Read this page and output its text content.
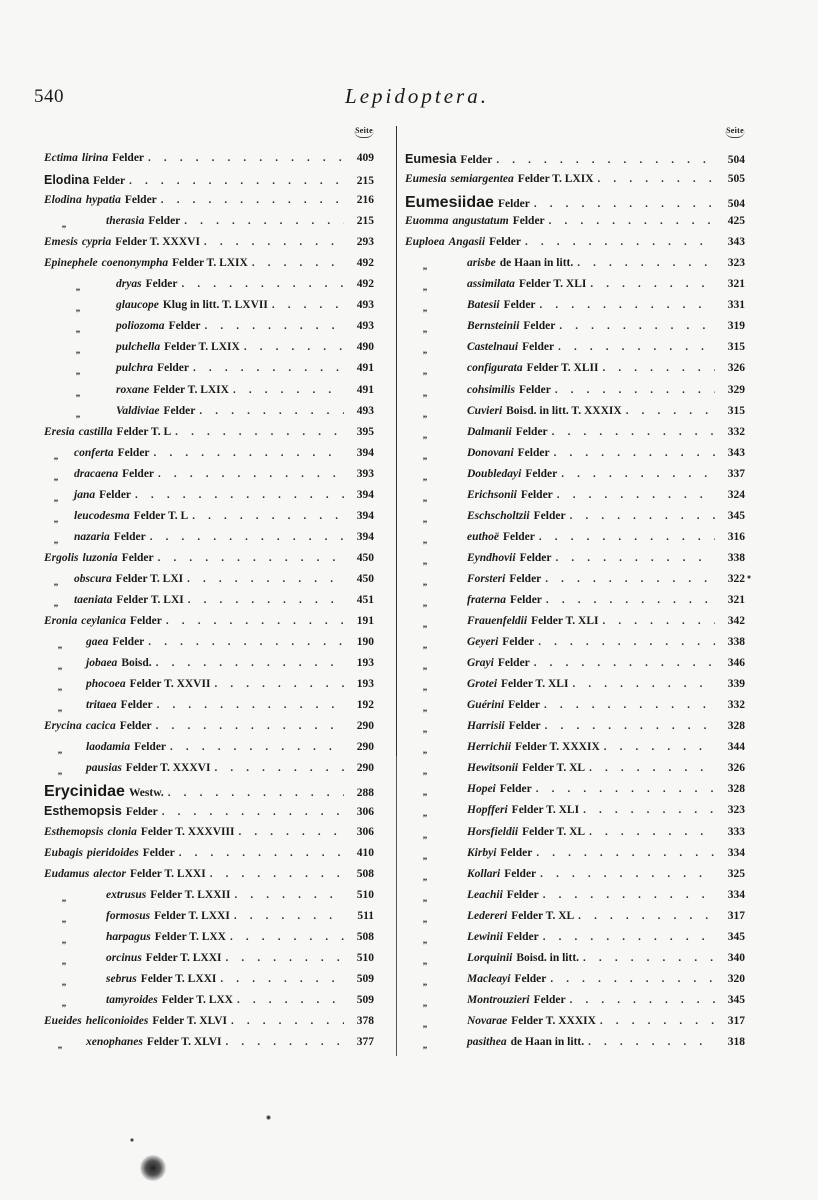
540	Lepidoptera.
Seite
Ectima lirina Felder . . .	409
Elodina Felder . . .	215
Elodina hypatia Felder . . .	216
„	therasia Felder . . .	215
Emesis cypria Felder T. XXXVI . . .	293
Epinephele coenonympha Felder T. LXIX . . .	492
„	dryas Felder . . .	492
„	glaucope Klug in litt. T. LXVII . . .	493
„	poliozoma Felder . . .	493
„	pulchella Felder T. LXIX . . .	490
„	pulchra Felder . . .	491
„	roxane Felder T. LXIX . . .	491
„	Valdiviae Felder . . .	493
Eresia castilla Felder T. L . . .	395
„	conferta Felder . . .	394
„	dracaena Felder . . .	393
„	jana Felder . . .	394
„	leucodesma Felder T. L . . .	394
„	nazaria Felder . . .	394
Ergolis luzonia Felder . . .	450
„	obscura Felder T. LXI . . .	450
„	taeniata Felder T. LXI . . .	451
Eronia ceylanica Felder . . .	191
„	gaea Felder . . .	190
„	jobaea Boisd. . . .	193
„	phocoea Felder T. XXVII . . .	193
„	tritaea Felder . . .	192
Erycina cacica Felder . . .	290
„	laodamia Felder . . .	290
„	pausias Felder T. XXXVI . . .	290
Erycinidae Westw. . . .	288
Esthemopsis Felder . . .	306
Esthemopsis clonia Felder T. XXXVIII . . .	306
Eubagis pieridoides Felder . . .	410
Eudamus alector Felder T. LXXI . . .	508
„	extrusus Felder T. LXXII . . .	510
„	formosus Felder T. LXXI . . .	511
„	harpagus Felder T. LXX . . .	508
„	orcinus Felder T. LXXI . . .	510
„	sebrus Felder T. LXXI . . .	509
„	tamyroides Felder T. LXX . . .	509
Eueides heliconioides Felder T. XLVI . . .	378
„	xenophanes Felder T. XLVI . . .	377
Seite
Eumesia Felder . . .	504
Eumesia semiargentea Felder T. LXIX . . .	505
Eumesiidae Felder . . .	504
Euomma angustatum Felder . . .	425
Euploea Angasii Felder . . .	343
„	arisbe de Haan in litt. . . .	323
„	assimilata Felder T. XLI . . .	321
„	Batesii Felder . . .	331
„	Bernsteinii Felder . . .	319
„	Castelnaui Felder . . .	315
„	configurata Felder T. XLII . . .	326
„	cohsimilis Felder . . .	329
„	Cuvieri Boisd. in litt. T. XXXIX . . .	315
„	Dalmanii Felder . . .	332
„	Donovani Felder . . .	343
„	Doubledayi Felder . . .	337
„	Erichsonii Felder . . .	324
„	Eschscholtzii Felder . . .	345
„	euthoë Felder . . .	316
„	Eyndhovii Felder . . .	338
„	Forsteri Felder . . .	322
„	fraterna Felder . . .	321
„	Frauenfeldii Felder T. XLI . . .	342
„	Geyeri Felder . . .	338
„	Grayi Felder . . .	346
„	Grotei Felder T. XLI . . .	339
„	Guérini Felder . . .	332
„	Harrisii Felder . . .	328
„	Herrichii Felder T. XXXIX . . .	344
„	Hewitsonii Felder T. XL . . .	326
„	Hopei Felder . . .	328
„	Hopfferi Felder T. XLI . . .	323
„	Horsfieldii Felder T. XL . . .	333
„	Kirbyi Felder . . .	334
„	Kollari Felder . . .	325
„	Leachii Felder . . .	334
„	Ledereri Felder T. XL . . .	317
„	Lewinii Felder . . .	345
„	Lorquinii Boisd. in litt. . . .	340
„	Macleayi Felder . . .	320
„	Montrouzieri Felder . . .	345
„	Novarae Felder T. XXXIX . . .	317
„	pasithea de Haan in litt. . . .	318
